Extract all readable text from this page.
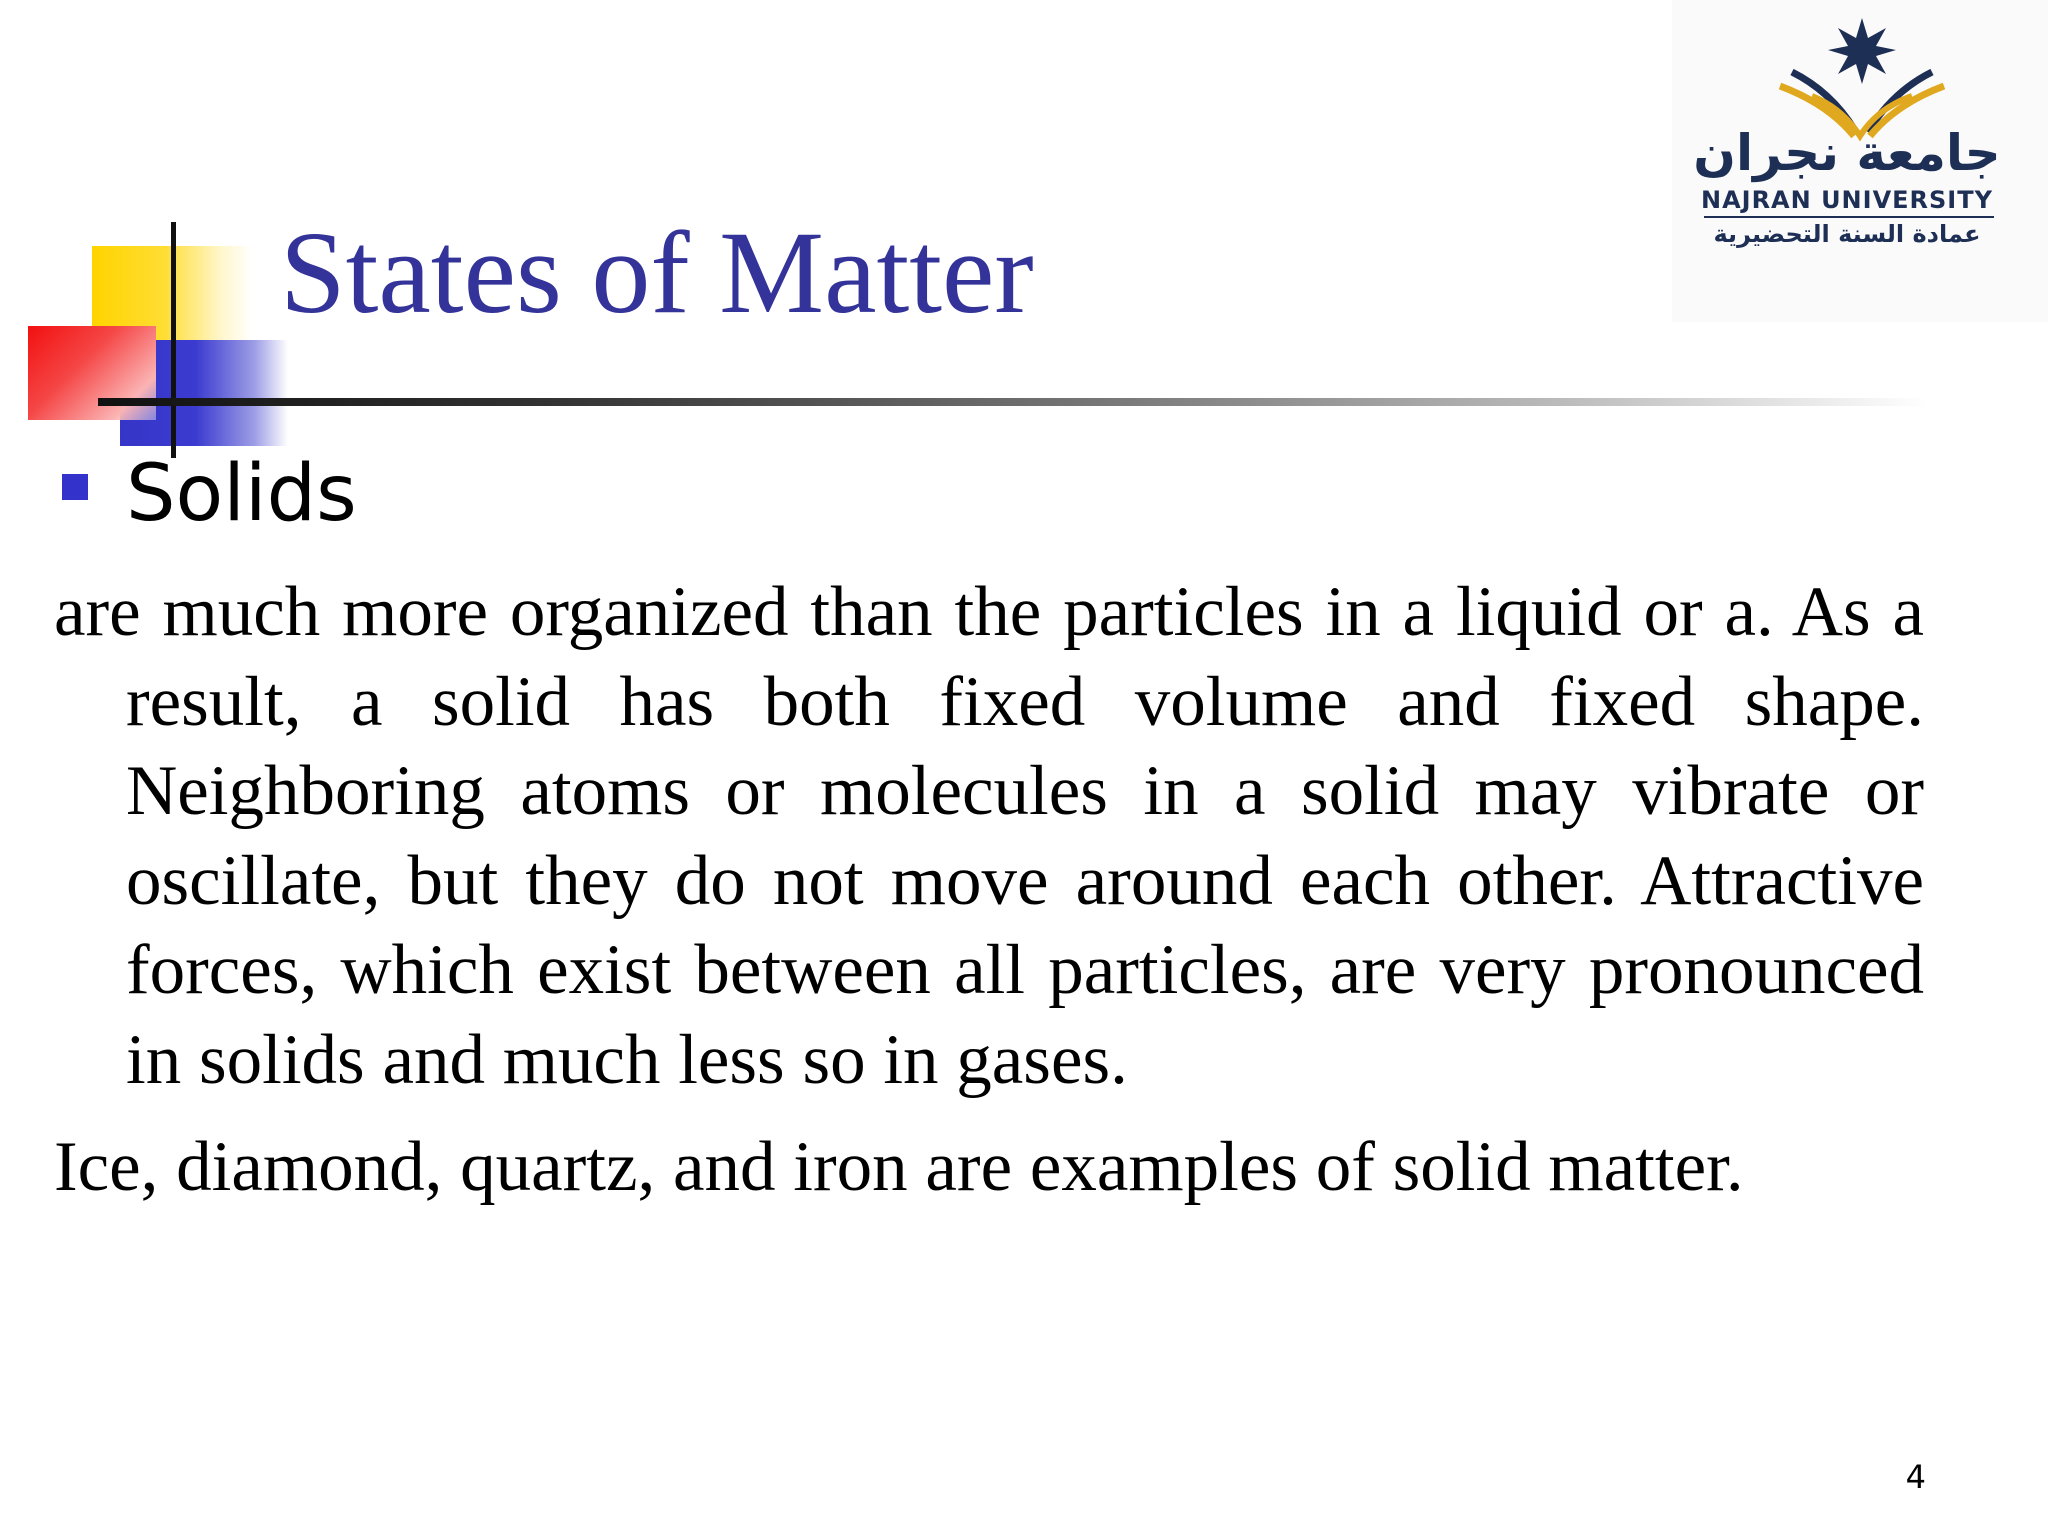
States of Matter
جامعة نجران
NAJRAN UNIVERSITY
عمادة السنة التحضيرية
Solids

are much more organized than the particles in a liquid or a. As a result, a solid has both fixed volume and fixed shape. Neighboring atoms or molecules in a solid may vibrate or oscillate, but they do not move around each other. Attractive forces, which exist between all particles, are very pronounced in solids and much less so in gases.

Ice, diamond, quartz, and iron are examples of solid matter.

4
